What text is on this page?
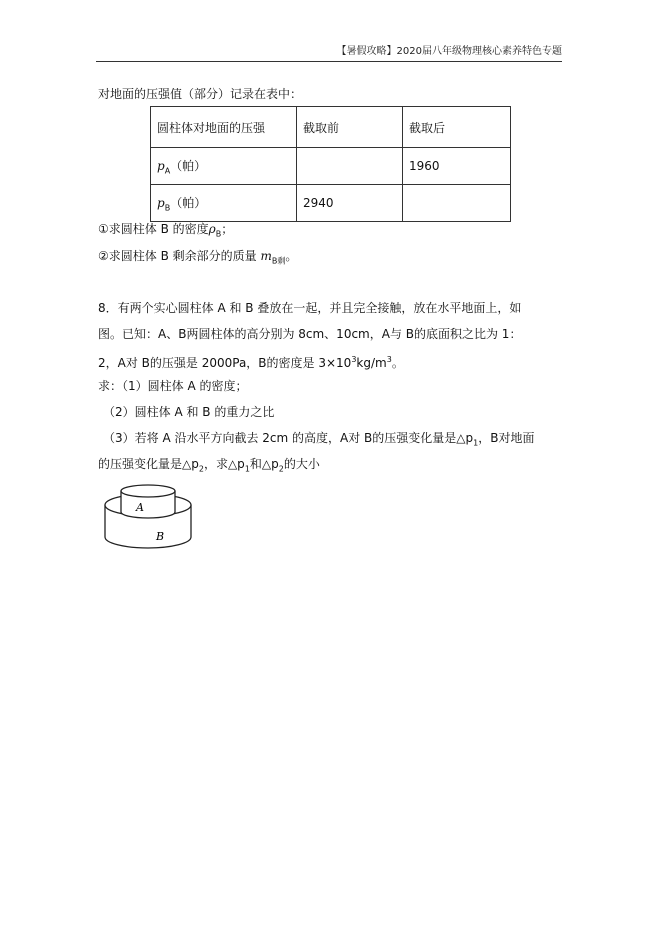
【暑假攻略】2020届八年级物理核心素养特色专题
对地面的压强值（部分）记录在表中：
圆柱体对地面的压强	截取前	截取后
$p_A$（帕）		1960
$p_B$（帕）	2940	
①求圆柱体 B 的密度$\rho_B$；
②求圆柱体 B 剩余部分的质量 $m_{B剩}$。
8．有两个实心圆柱体 A 和 B 叠放在一起，并且完全接触，放在水平地面上，如
图。已知：A、B两圆柱体的高分别为 8cm、10cm，A与 B的底面积之比为 1：
2，A对 B的压强是 2000Pa，B的密度是 $3\times 10^3kg/m^3$。
求：（1）圆柱体 A 的密度；
（2）圆柱体 A 和 B 的重力之比
（3）若将 A 沿水平方向截去 2cm 的高度，A对 B的压强变化量是$\triangle p_1$，B对地面
的压强变化量是$\triangle p_2$，求$\triangle p_1$和$\triangle p_2$的大小
A
B
